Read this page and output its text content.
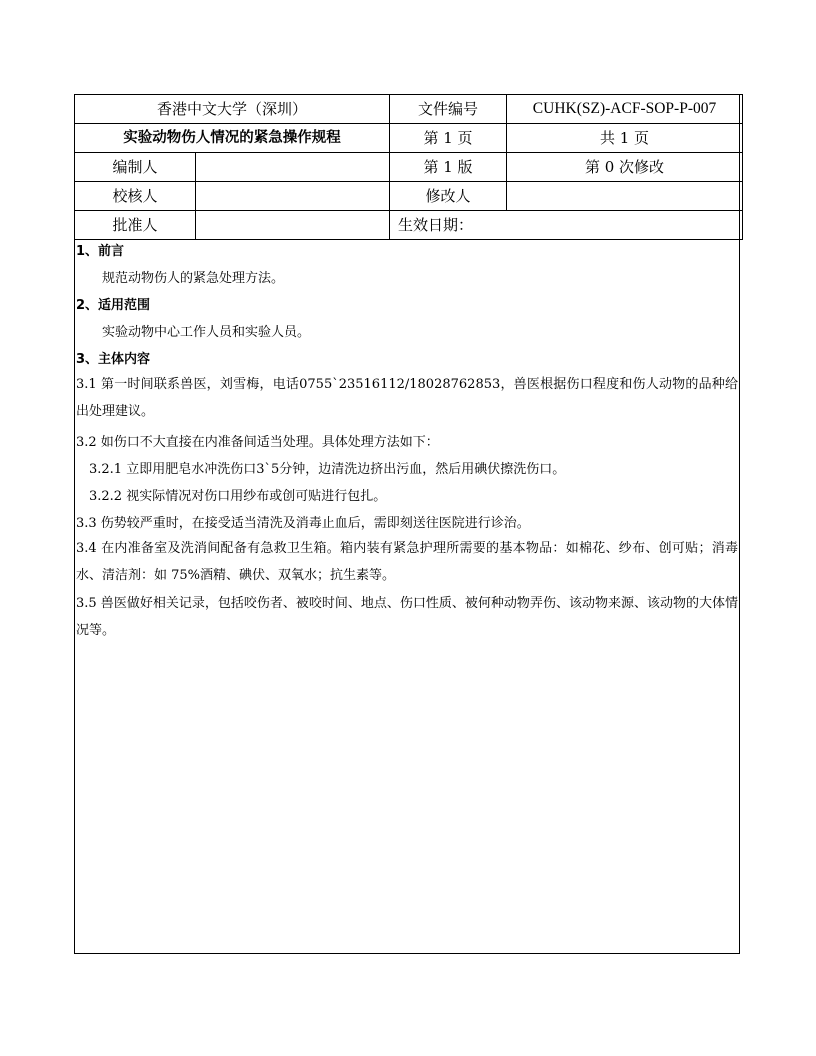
香港中文大学（深圳）		文件编号	CUHK(SZ)-ACF-SOP-P-007
实验动物伤人情况的紧急操作规程		第 1 页	共 1 页
编制人		第 1 版	第 0 次修改
校核人		修改人	
批准人		生效日期：	
1、前言
规范动物伤人的紧急处理方法。
2、适用范围
实验动物中心工作人员和实验人员。
3、主体内容
3.1 第一时间联系兽医，刘雪梅，电话0755`23516112/18028762853，兽医根据伤口程度和伤人动物的品种给出处理建议。
3.2 如伤口不大直接在内准备间适当处理。具体处理方法如下：
3.2.1 立即用肥皂水冲洗伤口3`5分钟，边清洗边挤出污血，然后用碘伏擦洗伤口。
3.2.2 视实际情况对伤口用纱布或创可贴进行包扎。
3.3 伤势较严重时，在接受适当清洗及消毒止血后，需即刻送往医院进行诊治。
3.4 在内准备室及洗消间配备有急救卫生箱。箱内装有紧急护理所需要的基本物品：如棉花、纱布、创可贴；消毒水、清洁剂：如 75%酒精、碘伏、双氧水；抗生素等。
3.5 兽医做好相关记录，包括咬伤者、被咬时间、地点、伤口性质、被何种动物弄伤、该动物来源、该动物的大体情况等。
